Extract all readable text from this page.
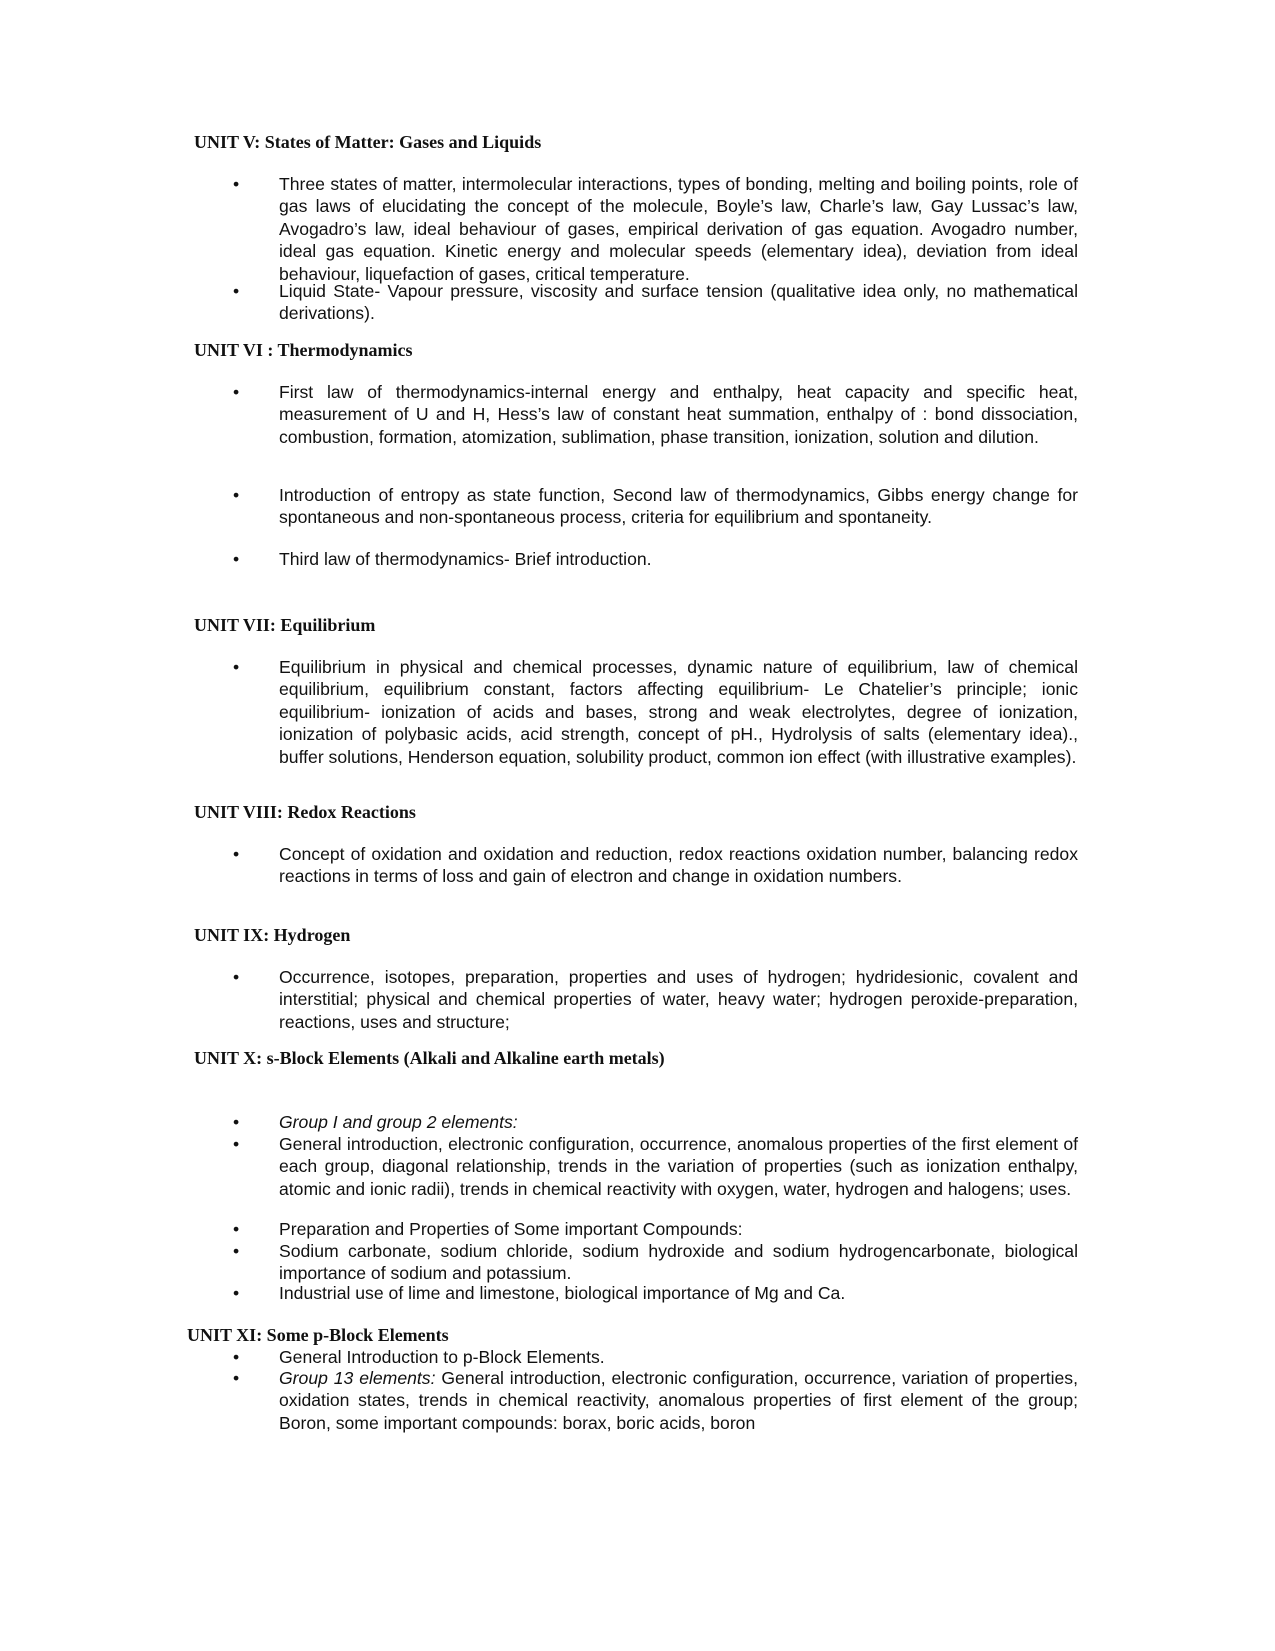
UNIT V: States of Matter: Gases and Liquids
•	Three states of matter, intermolecular interactions, types of bonding, melting and boiling points, role of gas laws of elucidating the concept of the molecule, Boyle’s law, Charle’s law, Gay Lussac’s law, Avogadro’s law, ideal behaviour of gases, empirical derivation of gas equation. Avogadro number, ideal gas equation. Kinetic energy and molecular speeds (elementary idea), deviation from ideal behaviour, liquefaction of gases, critical temperature.
•	Liquid State- Vapour pressure, viscosity and surface tension (qualitative idea only, no mathematical derivations).
UNIT VI : Thermodynamics
•	First law of thermodynamics-internal energy and enthalpy, heat capacity and specific heat, measurement of U and H, Hess’s law of constant heat summation, enthalpy of : bond dissociation, combustion, formation, atomization, sublimation, phase transition, ionization, solution and dilution.
•	Introduction of entropy as state function, Second law of thermodynamics, Gibbs energy change for spontaneous and non-spontaneous process, criteria for equilibrium and spontaneity.
•	Third law of thermodynamics- Brief introduction.
UNIT VII: Equilibrium
•	Equilibrium in physical and chemical processes, dynamic nature of equilibrium, law of chemical equilibrium, equilibrium constant, factors affecting equilibrium- Le Chatelier’s principle; ionic equilibrium- ionization of acids and bases, strong and weak electrolytes, degree of ionization, ionization of polybasic acids, acid strength, concept of pH., Hydrolysis of salts (elementary idea)., buffer solutions, Henderson equation, solubility product, common ion effect (with illustrative examples).
UNIT VIII: Redox Reactions
•	Concept of oxidation and oxidation and reduction, redox reactions oxidation number, balancing redox reactions in terms of loss and gain of electron and change in oxidation numbers.
UNIT IX: Hydrogen
•	Occurrence, isotopes, preparation, properties and uses of hydrogen; hydridesionic, covalent and interstitial; physical and chemical properties of water, heavy water; hydrogen peroxide-preparation, reactions, uses and structure;
UNIT X: s-Block Elements (Alkali and Alkaline earth metals)
•	Group I and group 2 elements:
•	General introduction, electronic configuration, occurrence, anomalous properties of the first element of each group, diagonal relationship, trends in the variation of properties (such as ionization enthalpy, atomic and ionic radii), trends in chemical reactivity with oxygen, water, hydrogen and halogens; uses.
•	Preparation and Properties of Some important Compounds:
•	Sodium carbonate, sodium chloride, sodium hydroxide and sodium hydrogencarbonate, biological importance of sodium and potassium.
•	Industrial use of lime and limestone, biological importance of Mg and Ca.
UNIT XI: Some p-Block Elements
•	General Introduction to p-Block Elements.
•	Group 13 elements: General introduction, electronic configuration, occurrence, variation of properties, oxidation states, trends in chemical reactivity, anomalous properties of first element of the group; Boron, some important compounds: borax, boric acids, boron
